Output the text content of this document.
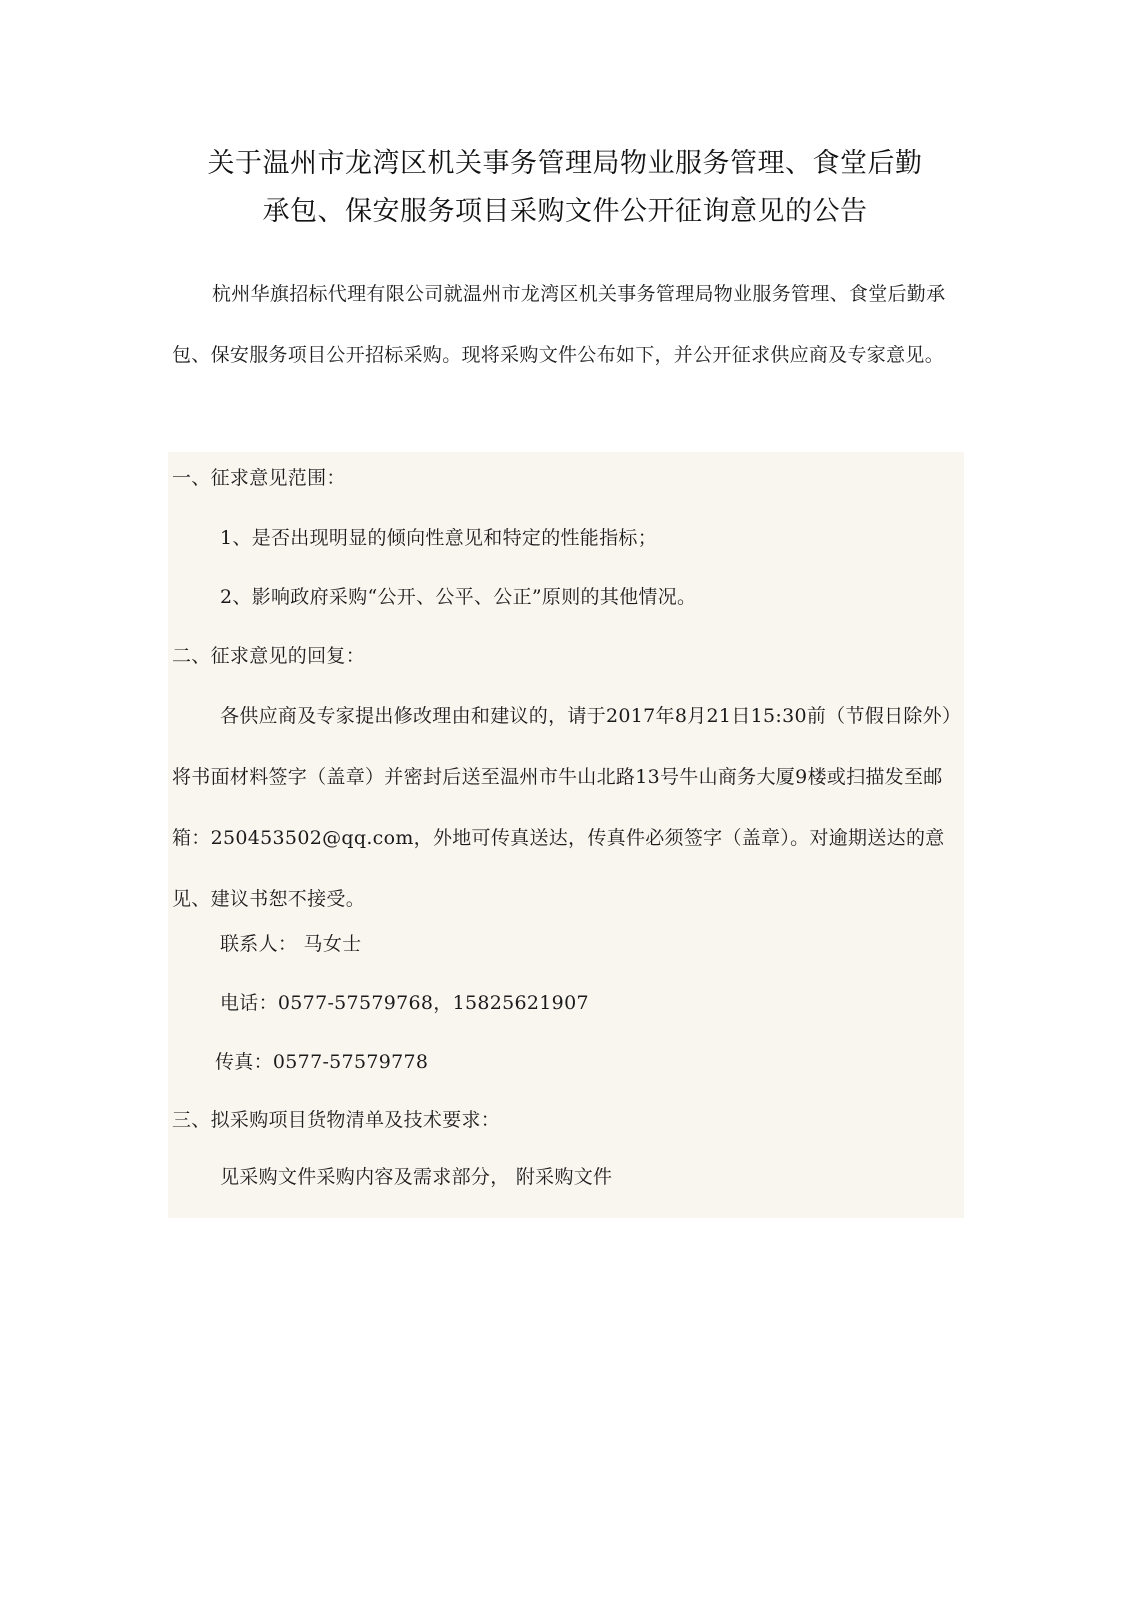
关于温州市龙湾区机关事务管理局物业服务管理、食堂后勤
承包、保安服务项目采购文件公开征询意见的公告
杭州华旗招标代理有限公司就温州市龙湾区机关事务管理局物业服务管理、食堂后勤承包、保安服务项目公开招标采购。现将采购文件公布如下，并公开征求供应商及专家意见。
一、征求意见范围：
1、是否出现明显的倾向性意见和特定的性能指标；
2、影响政府采购“公开、公平、公正”原则的其他情况。
二、征求意见的回复：
各供应商及专家提出修改理由和建议的，请于2017年8月21日15:30前（节假日除外）将书面材料签字（盖章）并密封后送至温州市牛山北路13号牛山商务大厦9楼或扫描发至邮箱：250453502@qq.com，外地可传真送达，传真件必须签字（盖章）。对逾期送达的意见、建议书恕不接受。
联系人： 马女士
电话：0577-57579768，15825621907
传真：0577-57579778
三、拟采购项目货物清单及技术要求：
见采购文件采购内容及需求部分， 附采购文件
